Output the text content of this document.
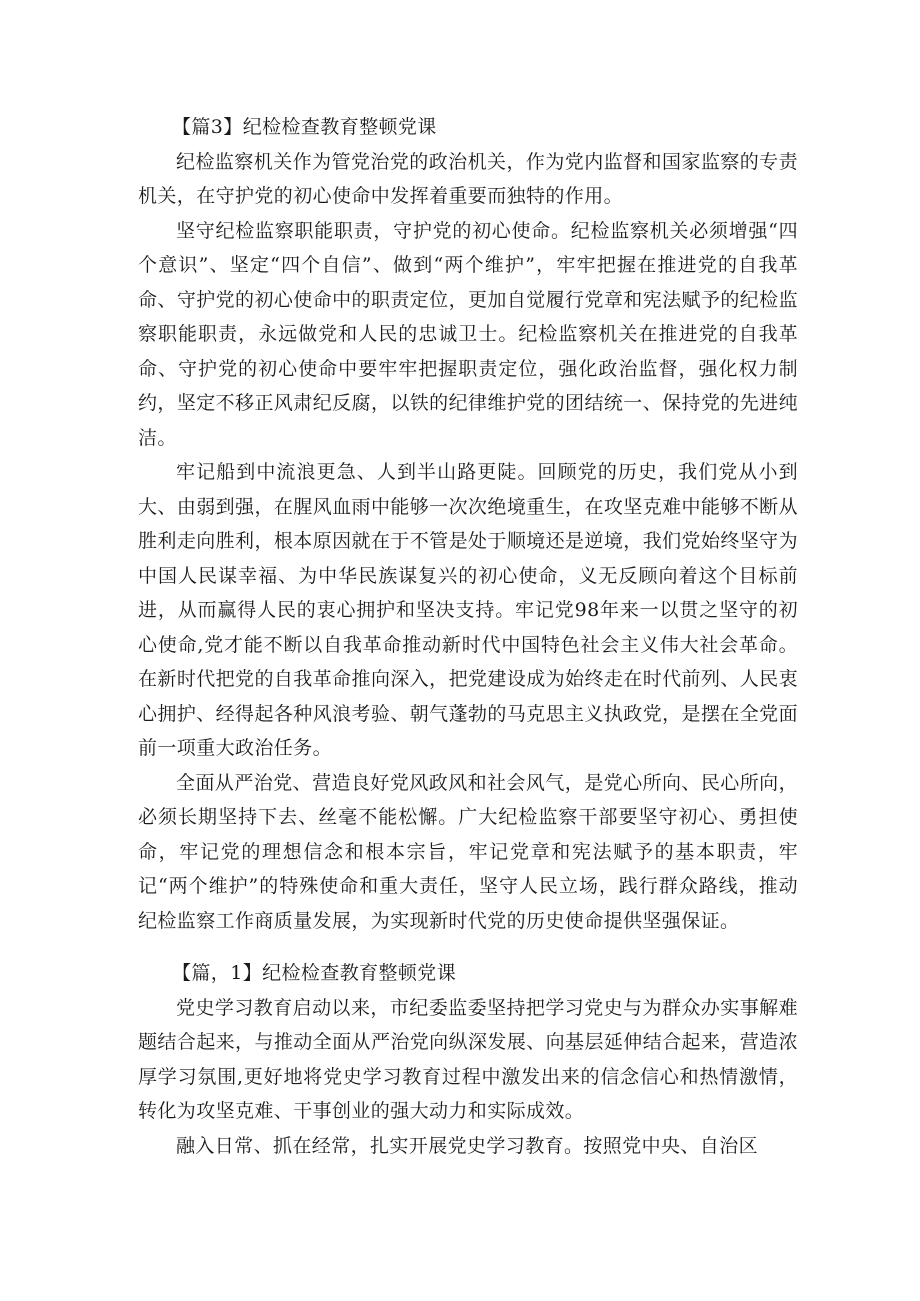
【篇3】纪检检查教育整顿党课

纪检监察机关作为管党治党的政治机关，作为党内监督和国家监察的专责机关，在守护党的初心使命中发挥着重要而独特的作用。

坚守纪检监察职能职责，守护党的初心使命。纪检监察机关必须增强“四个意识”、坚定“四个自信”、做到“两个维护”，牢牢把握在推进党的自我革命、守护党的初心使命中的职责定位，更加自觉履行党章和宪法赋予的纪检监察职能职责，永远做党和人民的忠诚卫士。纪检监察机关在推进党的自我革命、守护党的初心使命中要牢牢把握职责定位，强化政治监督，强化权力制约，坚定不移正风肃纪反腐，以铁的纪律维护党的团结统一、保持党的先进纯洁。

牢记船到中流浪更急、人到半山路更陡。回顾党的历史，我们党从小到大、由弱到强，在腥风血雨中能够一次次绝境重生，在攻坚克难中能够不断从胜利走向胜利，根本原因就在于不管是处于顺境还是逆境，我们党始终坚守为中国人民谋幸福、为中华民族谋复兴的初心使命，义无反顾向着这个目标前进，从而赢得人民的衷心拥护和坚决支持。牢记党98年来一以贯之坚守的初心使命,党才能不断以自我革命推动新时代中国特色社会主义伟大社会革命。在新时代把党的自我革命推向深入，把党建设成为始终走在时代前列、人民衷心拥护、经得起各种风浪考验、朝气蓬勃的马克思主义执政党，是摆在全党面前一项重大政治任务。

全面从严治党、营造良好党风政风和社会风气，是党心所向、民心所向，必须长期坚持下去、丝毫不能松懈。广大纪检监察干部要坚守初心、勇担使命，牢记党的理想信念和根本宗旨，牢记党章和宪法赋予的基本职责，牢记“两个维护”的特殊使命和重大责任，坚守人民立场，践行群众路线，推动纪检监察工作商质量发展，为实现新时代党的历史使命提供坚强保证。

【篇，1】纪检检查教育整顿党课

党史学习教育启动以来，市纪委监委坚持把学习党史与为群众办实事解难题结合起来，与推动全面从严治党向纵深发展、向基层延伸结合起来，营造浓厚学习氛围,更好地将党史学习教育过程中激发出来的信念信心和热情激情，转化为攻坚克难、干事创业的强大动力和实际成效。

融入日常、抓在经常，扎实开展党史学习教育。按照党中央、自治区
